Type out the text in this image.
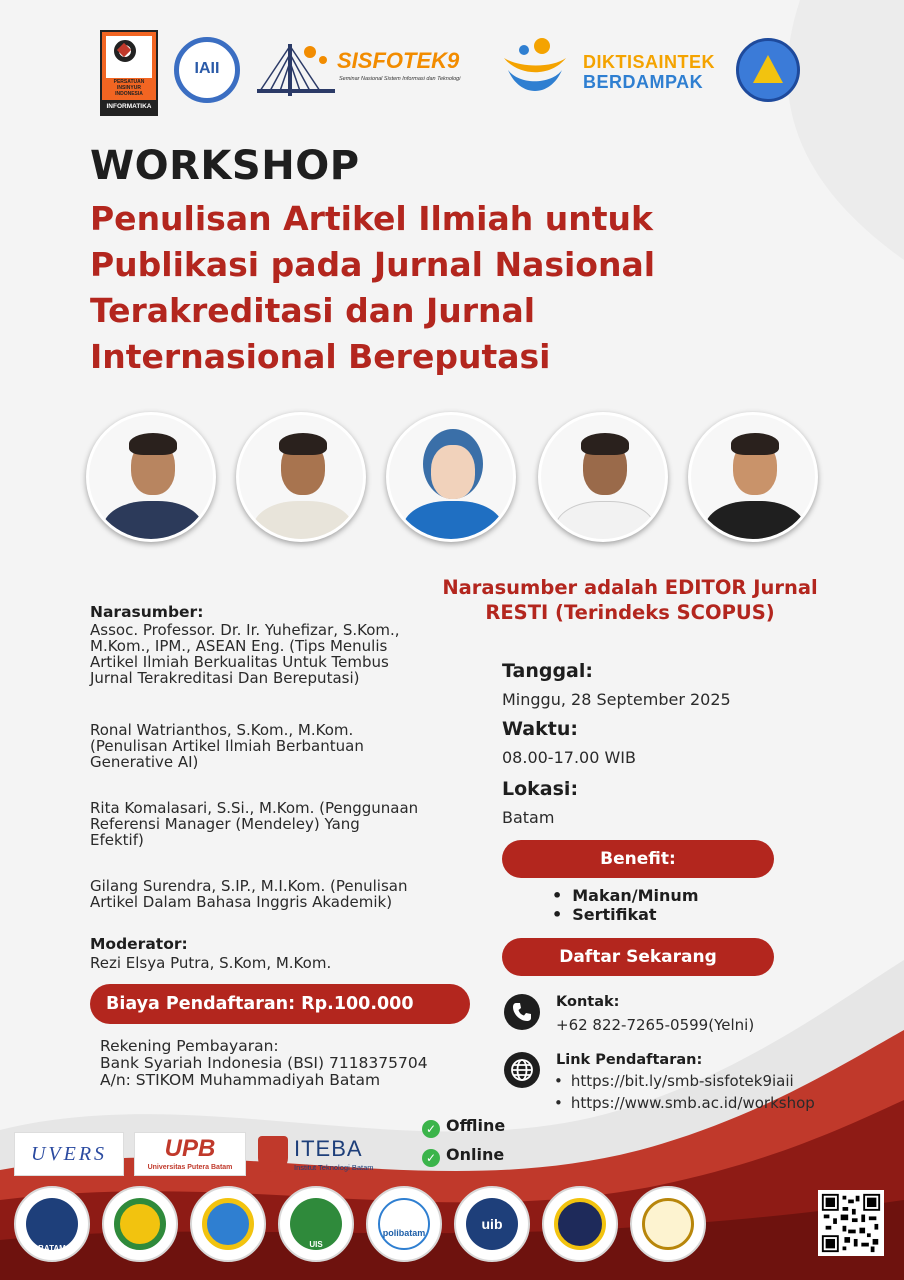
PERSATUAN
INSINYUR
INDONESIA
INFORMATIKA
IAII	SISFOTEK9
Seminar Nasional Sistem Informasi dan Teknologi
DIKTISAINTEK
BERDAMPAK
WORKSHOP
Penulisan Artikel Ilmiah untuk
Publikasi pada Jurnal Nasional
Terakreditasi dan Jurnal
Internasional Bereputasi
Narasumber adalah EDITOR Jurnal
RESTI (Terindeks SCOPUS)
Narasumber:
Assoc. Professor. Dr. Ir. Yuhefizar, S.Kom.,
M.Kom., IPM., ASEAN Eng. (Tips Menulis
Artikel Ilmiah Berkualitas Untuk Tembus
Jurnal Terakreditasi Dan Bereputasi)
Ronal Watrianthos, S.Kom., M.Kom.
(Penulisan Artikel Ilmiah Berbantuan
Generative AI)
Rita Komalasari, S.Si., M.Kom. (Penggunaan
Referensi Manager (Mendeley) Yang
Efektif)
Gilang Surendra, S.IP., M.I.Kom. (Penulisan
Artikel Dalam Bahasa Inggris Akademik)
Moderator:
Rezi Elsya Putra, S.Kom, M.Kom.
Biaya Pendaftaran: Rp.100.000
Rekening Pembayaran:
Bank Syariah Indonesia (BSI) 7118375704
A/n: STIKOM Muhammadiyah Batam
Tanggal:
Minggu, 28 September 2025
Waktu:
08.00-17.00 WIB
Lokasi:
Batam
Benefit:
• Makan/Minum
• Sertifikat
Daftar Sekarang
Kontak:
+62 822-7265-0599(Yelni)
Link Pendaftaran:
• https://bit.ly/smb-sisfotek9iaii
• https://www.smb.ac.id/workshop
✓ Offline
✓ Online
UVERS	UPB
Universitas Putera Batam
ITEBA
Institut Teknologi Batam
BATAM	UIS
polibatam
uib
